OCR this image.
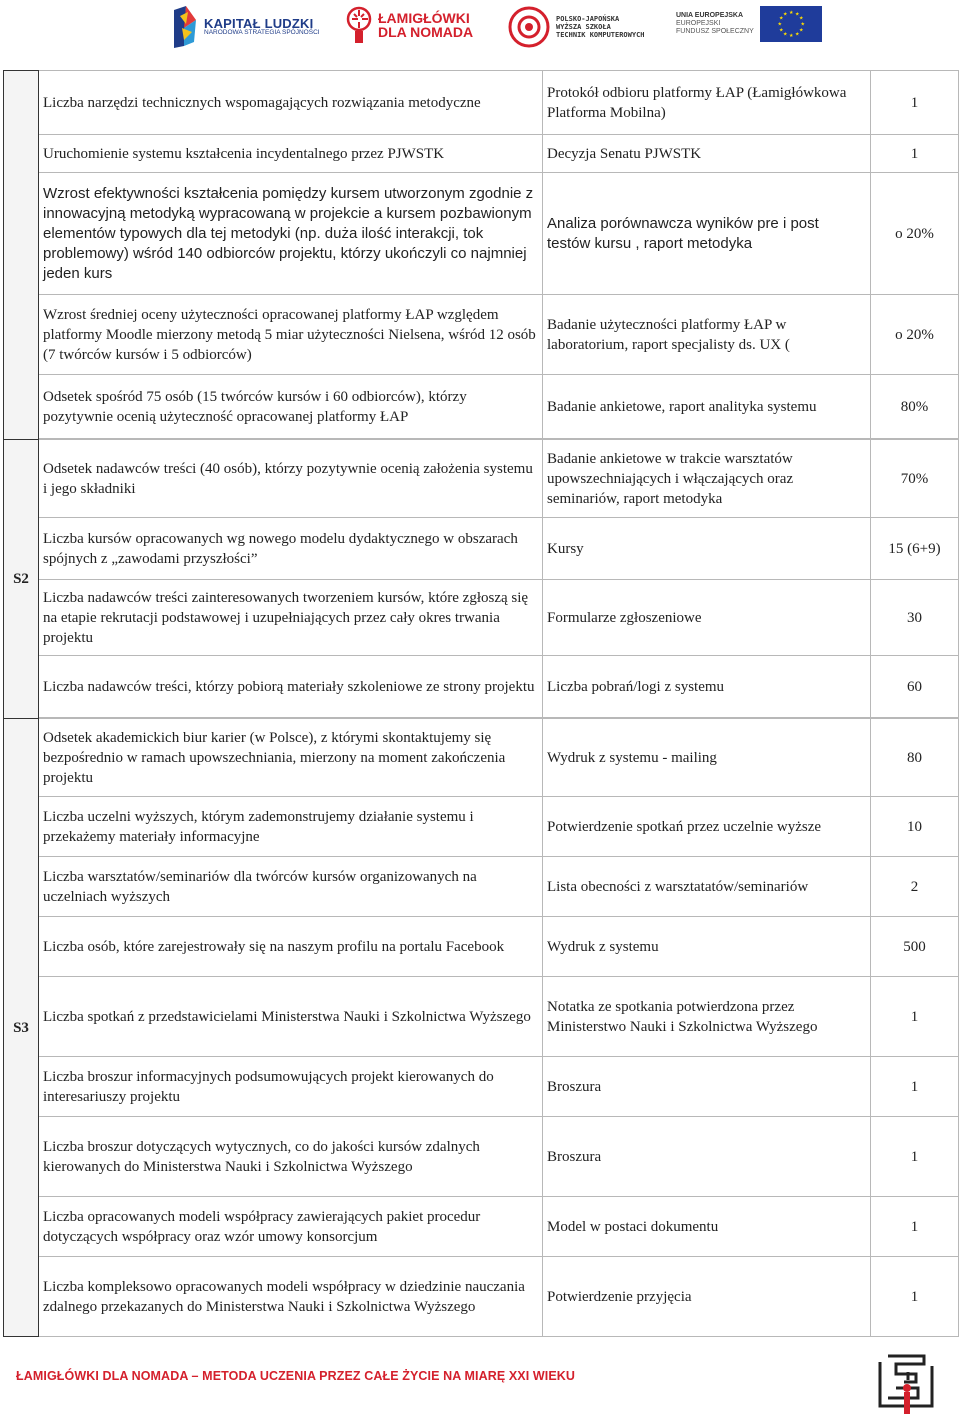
KAPITAŁ LUDZKI
NARODOWA STRATEGIA SPÓJNOŚCI
ŁAMIGŁÓWKI
DLA NOMADA
POLSKO-JAPOŃSKA
WYŻSZA SZKOŁA
TECHNIK KOMPUTEROWYCH
UNIA EUROPEJSKA
EUROPEJSKI
FUNDUSZ SPOŁECZNY
★ ★
★
★
★
★
★
★
★
★
★
★
	Liczba narzędzi technicznych wspomagających rozwiązania metodyczne	Protokół odbioru platformy ŁAP (Łamigłówkowa Platforma Mobilna)	1
	Uruchomienie systemu kształcenia incydentalnego przez PJWSTK	Decyzja Senatu PJWSTK	1
	Wzrost efektywności kształcenia pomiędzy kursem utworzonym zgodnie z innowacyjną metodyką wypracowaną w projekcie a kursem pozbawionym elementów typowych dla tej metodyki (np. duża ilość interakcji, tok problemowy) wśród 140 odbiorców projektu, którzy ukończyli co najmniej jeden kurs	Analiza porównawcza wyników pre i post testów kursu , raport metodyka	o 20%
	Wzrost średniej oceny użyteczności opracowanej platformy ŁAP względem platformy Moodle mierzony metodą 5 miar użyteczności Nielsena, wśród 12 osób (7 twórców kursów i 5 odbiorców)	Badanie użyteczności platformy ŁAP w laboratorium, raport specjalisty ds. UX (	o 20%
	Odsetek spośród 75 osób (15 twórców kursów i 60 odbiorców), którzy pozytywnie ocenią użyteczność opracowanej platformy ŁAP	Badanie ankietowe, raport analityka systemu	80%

S2	Odsetek nadawców treści (40 osób), którzy pozytywnie ocenią założenia systemu i jego składniki	Badanie ankietowe w trakcie warsztatów upowszechniających i włączających oraz seminariów, raport metodyka	70%
	Liczba kursów opracowanych wg nowego modelu dydaktycznego w obszarach spójnych z „zawodami przyszłości”	Kursy	15 (6+9)
	Liczba nadawców treści zainteresowanych tworzeniem kursów, które zgłoszą się na etapie rekrutacji podstawowej i uzupełniających przez cały okres trwania projektu	Formularze zgłoszeniowe	30
	Liczba nadawców treści, którzy pobiorą materiały szkoleniowe ze strony projektu	Liczba pobrań/logi z systemu	60

S3	Odsetek akademickich biur karier (w Polsce), z którymi skontaktujemy się bezpośrednio w ramach upowszechniania, mierzony na moment zakończenia projektu	Wydruk z systemu - mailing	80
	Liczba uczelni wyższych, którym zademonstrujemy działanie systemu i przekażemy materiały informacyjne	Potwierdzenie spotkań przez uczelnie wyższe	10
	Liczba warsztatów/seminariów dla twórców kursów organizowanych na uczelniach wyższych	Lista obecności z warsztatatów/seminariów	2
	Liczba osób, które zarejestrowały się na naszym profilu na portalu Facebook	Wydruk z systemu	500
	Liczba spotkań z przedstawicielami Ministerstwa Nauki i Szkolnictwa Wyższego	Notatka ze spotkania potwierdzona przez Ministerstwo Nauki i Szkolnictwa Wyższego	1
	Liczba broszur informacyjnych podsumowujących projekt kierowanych do interesariuszy projektu	Broszura	1
	Liczba broszur dotyczących wytycznych, co do jakości kursów zdalnych kierowanych do Ministerstwa Nauki i Szkolnictwa Wyższego	Broszura	1
	Liczba opracowanych modeli współpracy zawierających pakiet procedur dotyczących współpracy oraz wzór umowy konsorcjum	Model w postaci dokumentu	1
	Liczba kompleksowo opracowanych modeli współpracy w dziedzinie nauczania zdalnego przekazanych do Ministerstwa Nauki i Szkolnictwa Wyższego	Potwierdzenie przyjęcia	1
ŁAMIGŁÓWKI DLA NOMADA – METODA UCZENIA PRZEZ CAŁE ŻYCIE NA MIARĘ XXI WIEKU
